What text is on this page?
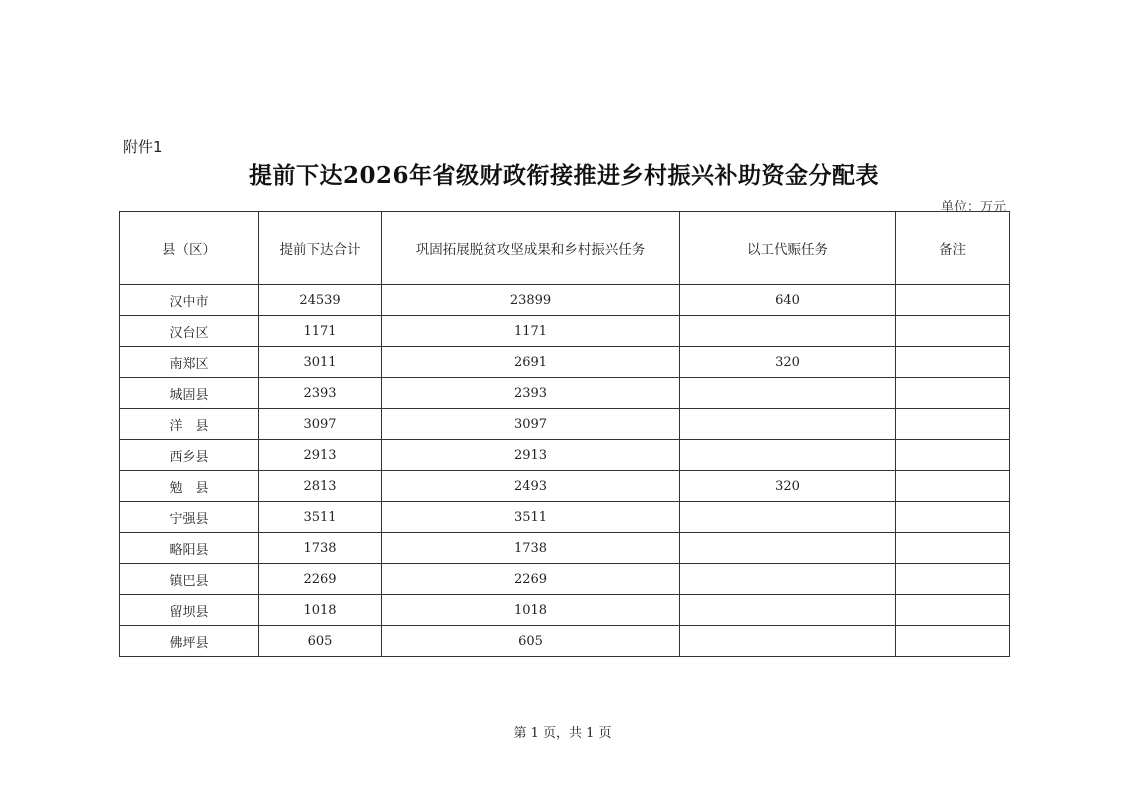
附件1
提前下达2026年省级财政衔接推进乡村振兴补助资金分配表
单位：万元
县（区）	提前下达合计	巩固拓展脱贫攻坚成果和乡村振兴任务	以工代赈任务	备注
汉中市	24539	23899	640	
汉台区	1171	1171		
南郑区	3011	2691	320	
城固县	2393	2393		
洋　县	3097	3097		
西乡县	2913	2913		
勉　县	2813	2493	320	
宁强县	3511	3511		
略阳县	1738	1738		
镇巴县	2269	2269		
留坝县	1018	1018		
佛坪县	605	605		
第 1 页，共 1 页
